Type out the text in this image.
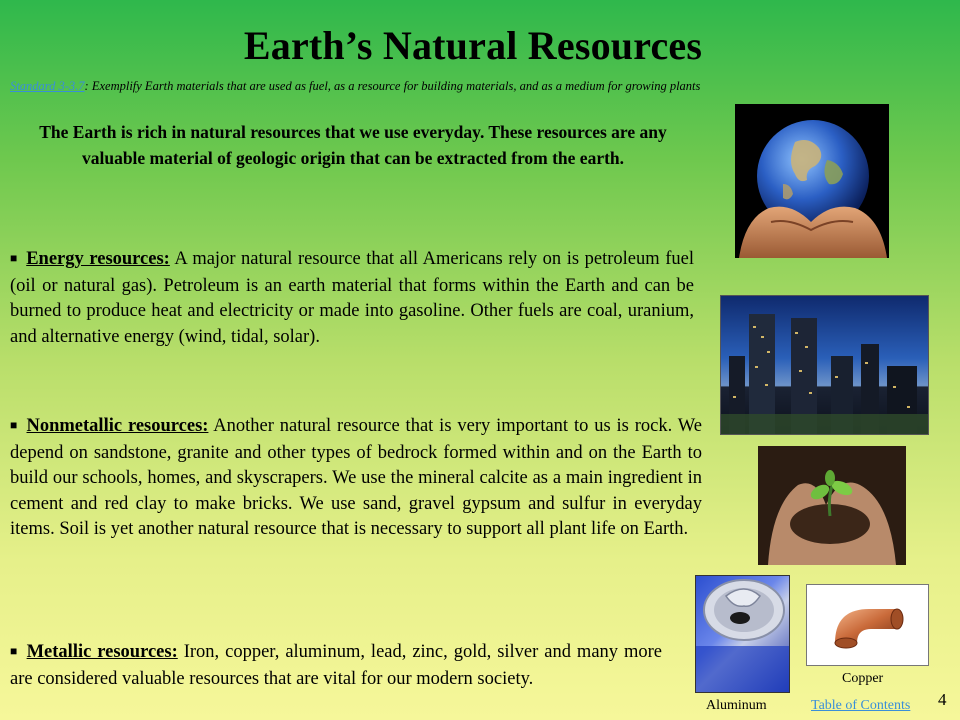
Earth’s Natural Resources
Standard 3-3.7: Exemplify Earth materials that are used as fuel, as a resource for building materials, and as a medium for growing plants
The Earth is rich in natural resources that we use everyday. These resources are any valuable material of geologic origin that can be extracted from the earth.
■ Energy resources: A major natural resource that all Americans rely on is petroleum fuel (oil or natural gas). Petroleum is an earth material that forms within the Earth and can be burned to produce heat and electricity or made into gasoline. Other fuels are coal, uranium, and alternative energy (wind, tidal, solar).
■ Nonmetallic resources: Another natural resource that is very important to us is rock. We depend on sandstone, granite and other types of bedrock formed within and on the Earth to build our schools, homes, and skyscrapers. We use the mineral calcite as a main ingredient in cement and red clay to make bricks. We use sand, gravel gypsum and sulfur in everyday items. Soil is yet another natural resource that is necessary to support all plant life on Earth.
■ Metallic resources: Iron, copper, aluminum, lead, zinc, gold, silver and many more are considered valuable resources that are vital for our modern society.
Aluminum
Copper
Table of Contents 4
